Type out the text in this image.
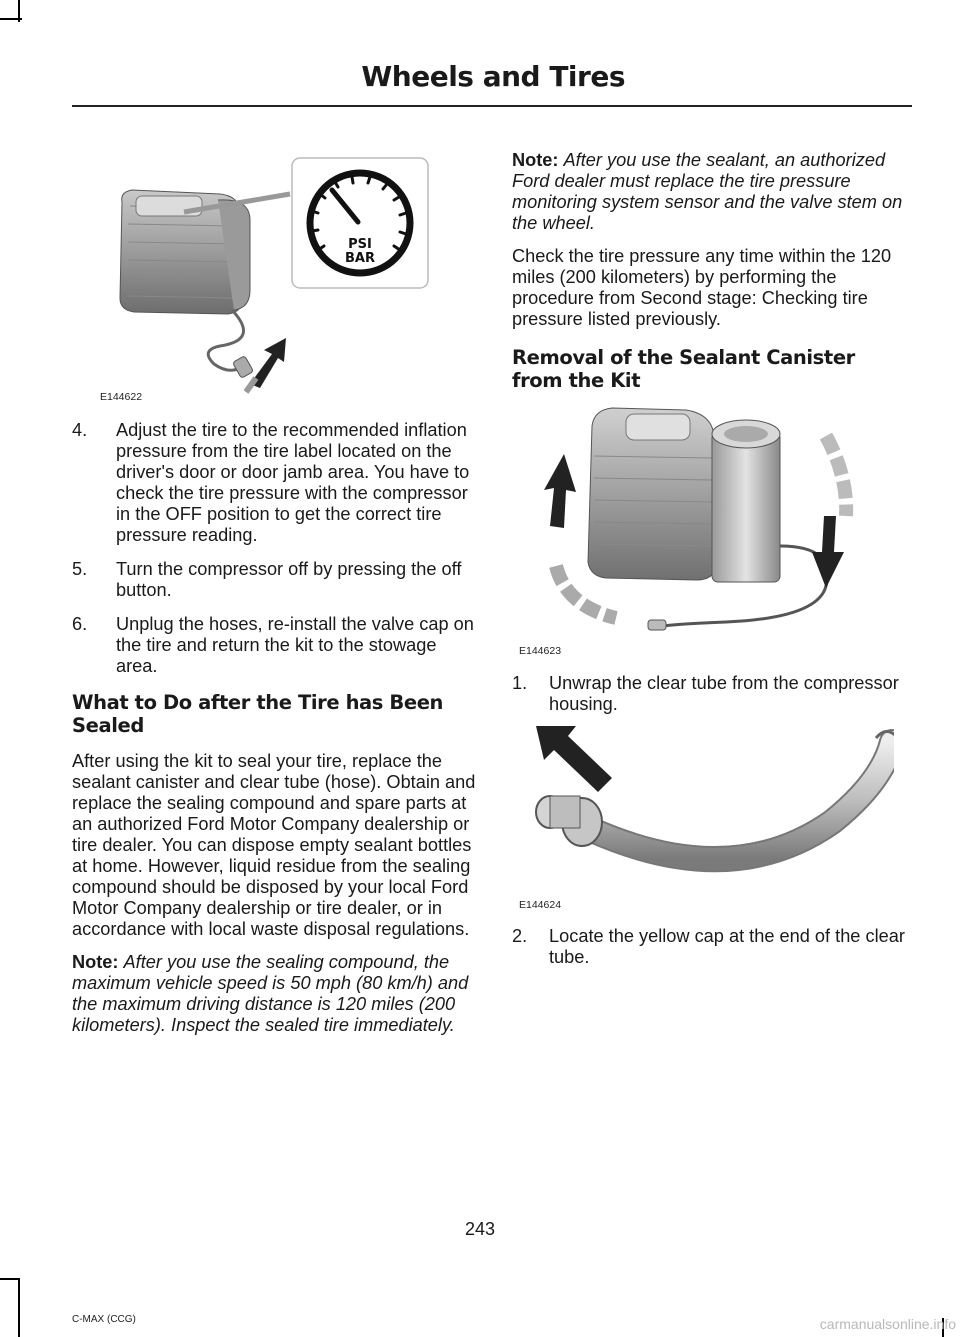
Wheels and Tires
PSI
BAR
E144622
4. Adjust the tire to the recommended inflation pressure from the tire label located on the driver's door or door jamb area. You have to check the tire pressure with the compressor in the OFF position to get the correct tire pressure reading.
5. Turn the compressor off by pressing the off button.
6. Unplug the hoses, re-install the valve cap on the tire and return the kit to the stowage area.
What to Do after the Tire has Been Sealed

After using the kit to seal your tire, replace the sealant canister and clear tube (hose). Obtain and replace the sealing compound and spare parts at an authorized Ford Motor Company dealership or tire dealer. You can dispose empty sealant bottles at home. However, liquid residue from the sealing compound should be disposed by your local Ford Motor Company dealership or tire dealer, or in accordance with local waste disposal regulations.

Note: After you use the sealing compound, the maximum vehicle speed is 50 mph (80 km/h) and the maximum driving distance is 120 miles (200 kilometers). Inspect the sealed tire immediately.

Note: After you use the sealant, an authorized Ford dealer must replace the tire pressure monitoring system sensor and the valve stem on the wheel.

Check the tire pressure any time within the 120 miles (200 kilometers) by performing the procedure from Second stage: Checking tire pressure listed previously.

Removal of the Sealant Canister from the Kit
E144623
1. Unwrap the clear tube from the compressor housing.
E144624
2. Locate the yellow cap at the end of the clear tube.
243
C-MAX (CCG)	carmanualsonline.info
